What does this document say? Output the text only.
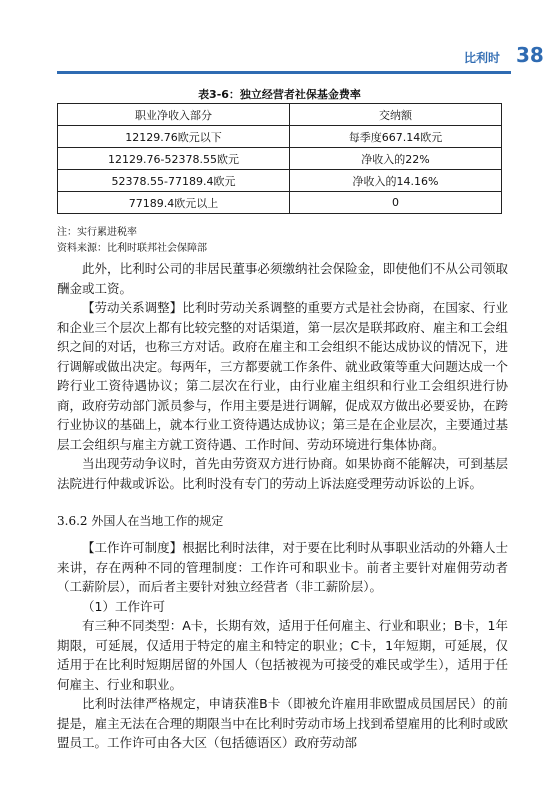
比利时 38
表3-6：独立经营者社保基金费率
职业净收入部分	交纳额
12129.76欧元以下	每季度667.14欧元
12129.76-52378.55欧元	净收入的22%
52378.55-77189.4欧元	净收入的14.16%
77189.4欧元以上	0
注：实行累进税率
资料来源：比利时联邦社会保障部

此外，比利时公司的非居民董事必须缴纳社会保险金，即使他们不从公司领取酬金或工资。

【劳动关系调整】比利时劳动关系调整的重要方式是社会协商，在国家、行业和企业三个层次上都有比较完整的对话渠道，第一层次是联邦政府、雇主和工会组织之间的对话，也称三方对话。政府在雇主和工会组织不能达成协议的情况下，进行调解或做出决定。每两年，三方都要就工作条件、就业政策等重大问题达成一个跨行业工资待遇协议；第二层次在行业，由行业雇主组织和行业工会组织进行协商，政府劳动部门派员参与，作用主要是进行调解，促成双方做出必要妥协，在跨行业协议的基础上，就本行业工资待遇达成协议；第三是在企业层次，主要通过基层工会组织与雇主方就工资待遇、工作时间、劳动环境进行集体协商。

当出现劳动争议时，首先由劳资双方进行协商。如果协商不能解决，可到基层法院进行仲裁或诉讼。比利时没有专门的劳动上诉法庭受理劳动诉讼的上诉。

3.6.2 外国人在当地工作的规定

【工作许可制度】根据比利时法律，对于要在比利时从事职业活动的外籍人士来讲，存在两种不同的管理制度：工作许可和职业卡。前者主要针对雇佣劳动者（工薪阶层），而后者主要针对独立经营者（非工薪阶层）。

（1）工作许可

有三种不同类型：A卡，长期有效，适用于任何雇主、行业和职业；B卡，1年期限，可延展，仅适用于特定的雇主和特定的职业；C卡，1年短期，可延展，仅适用于在比利时短期居留的外国人（包括被视为可接受的难民或学生），适用于任何雇主、行业和职业。

比利时法律严格规定，申请获准B卡（即被允许雇用非欧盟成员国居民）的前提是，雇主无法在合理的期限当中在比利时劳动市场上找到希望雇用的比利时或欧盟员工。工作许可由各大区（包括德语区）政府劳动部
